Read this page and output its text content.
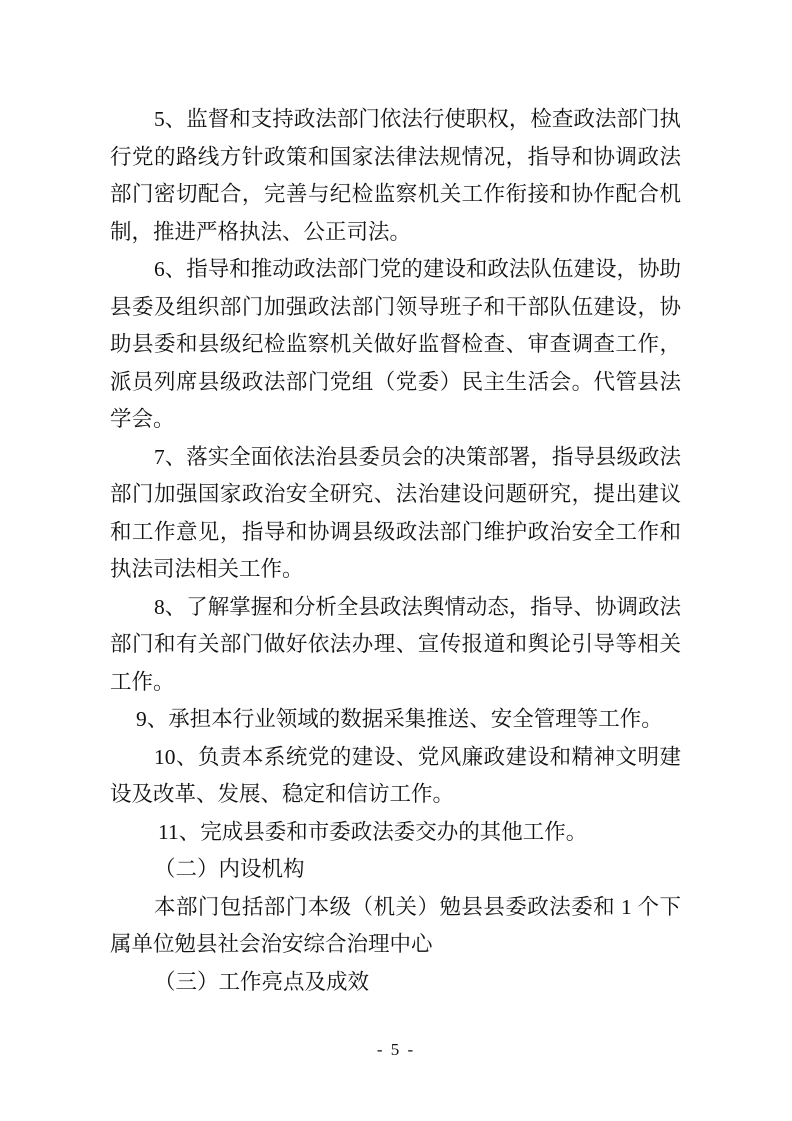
5、监督和支持政法部门依法行使职权，检查政法部门执行党的路线方针政策和国家法律法规情况，指导和协调政法部门密切配合，完善与纪检监察机关工作衔接和协作配合机制，推进严格执法、公正司法。

6、指导和推动政法部门党的建设和政法队伍建设，协助县委及组织部门加强政法部门领导班子和干部队伍建设，协助县委和县级纪检监察机关做好监督检查、审查调查工作，派员列席县级政法部门党组（党委）民主生活会。代管县法学会。

7、落实全面依法治县委员会的决策部署，指导县级政法部门加强国家政治安全研究、法治建设问题研究，提出建议和工作意见，指导和协调县级政法部门维护政治安全工作和执法司法相关工作。

8、了解掌握和分析全县政法舆情动态，指导、协调政法部门和有关部门做好依法办理、宣传报道和舆论引导等相关工作。

9、承担本行业领域的数据采集推送、安全管理等工作。

10、负责本系统党的建设、党风廉政建设和精神文明建设及改革、发展、稳定和信访工作。

11、完成县委和市委政法委交办的其他工作。

（二）内设机构

本部门包括部门本级（机关）勉县县委政法委和 1 个下属单位勉县社会治安综合治理中心

（三）工作亮点及成效

- 5 -
